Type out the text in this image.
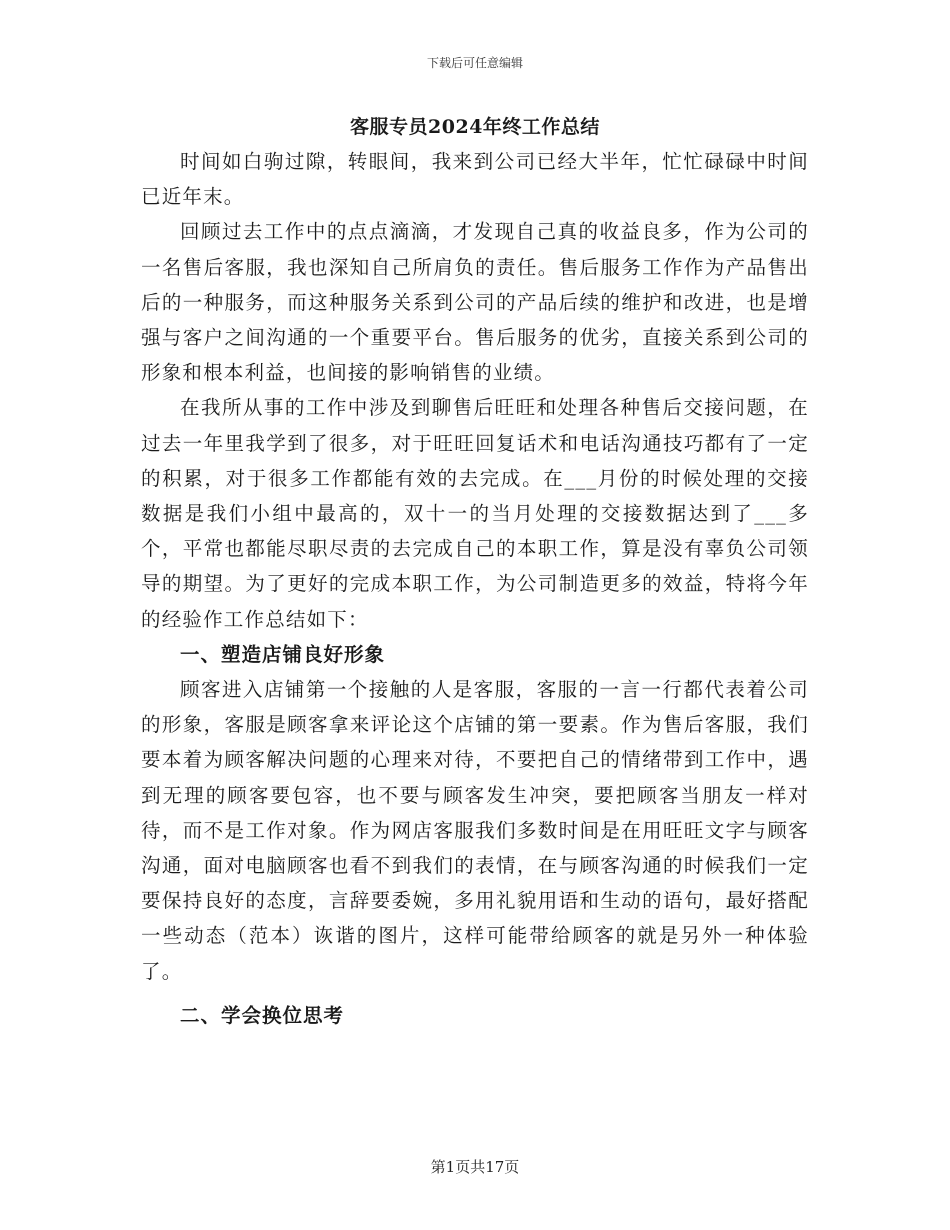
下载后可任意编辑
客服专员2024年终工作总结

时间如白驹过隙，转眼间，我来到公司已经大半年，忙忙碌碌中时间已近年末。

回顾过去工作中的点点滴滴，才发现自己真的收益良多，作为公司的一名售后客服，我也深知自己所肩负的责任。售后服务工作作为产品售出后的一种服务，而这种服务关系到公司的产品后续的维护和改进，也是增强与客户之间沟通的一个重要平台。售后服务的优劣，直接关系到公司的形象和根本利益，也间接的影响销售的业绩。

在我所从事的工作中涉及到聊售后旺旺和处理各种售后交接问题，在过去一年里我学到了很多，对于旺旺回复话术和电话沟通技巧都有了一定的积累，对于很多工作都能有效的去完成。在___月份的时候处理的交接数据是我们小组中最高的，双十一的当月处理的交接数据达到了___多个，平常也都能尽职尽责的去完成自己的本职工作，算是没有辜负公司领导的期望。为了更好的完成本职工作，为公司制造更多的效益，特将今年的经验作工作总结如下：

一、塑造店铺良好形象

顾客进入店铺第一个接触的人是客服，客服的一言一行都代表着公司的形象，客服是顾客拿来评论这个店铺的第一要素。作为售后客服，我们要本着为顾客解决问题的心理来对待，不要把自己的情绪带到工作中，遇到无理的顾客要包容，也不要与顾客发生冲突，要把顾客当朋友一样对待，而不是工作对象。作为网店客服我们多数时间是在用旺旺文字与顾客沟通，面对电脑顾客也看不到我们的表情，在与顾客沟通的时候我们一定要保持良好的态度，言辞要委婉，多用礼貌用语和生动的语句，最好搭配一些动态（范本）诙谐的图片，这样可能带给顾客的就是另外一种体验了。

二、学会换位思考

第1页共17页
